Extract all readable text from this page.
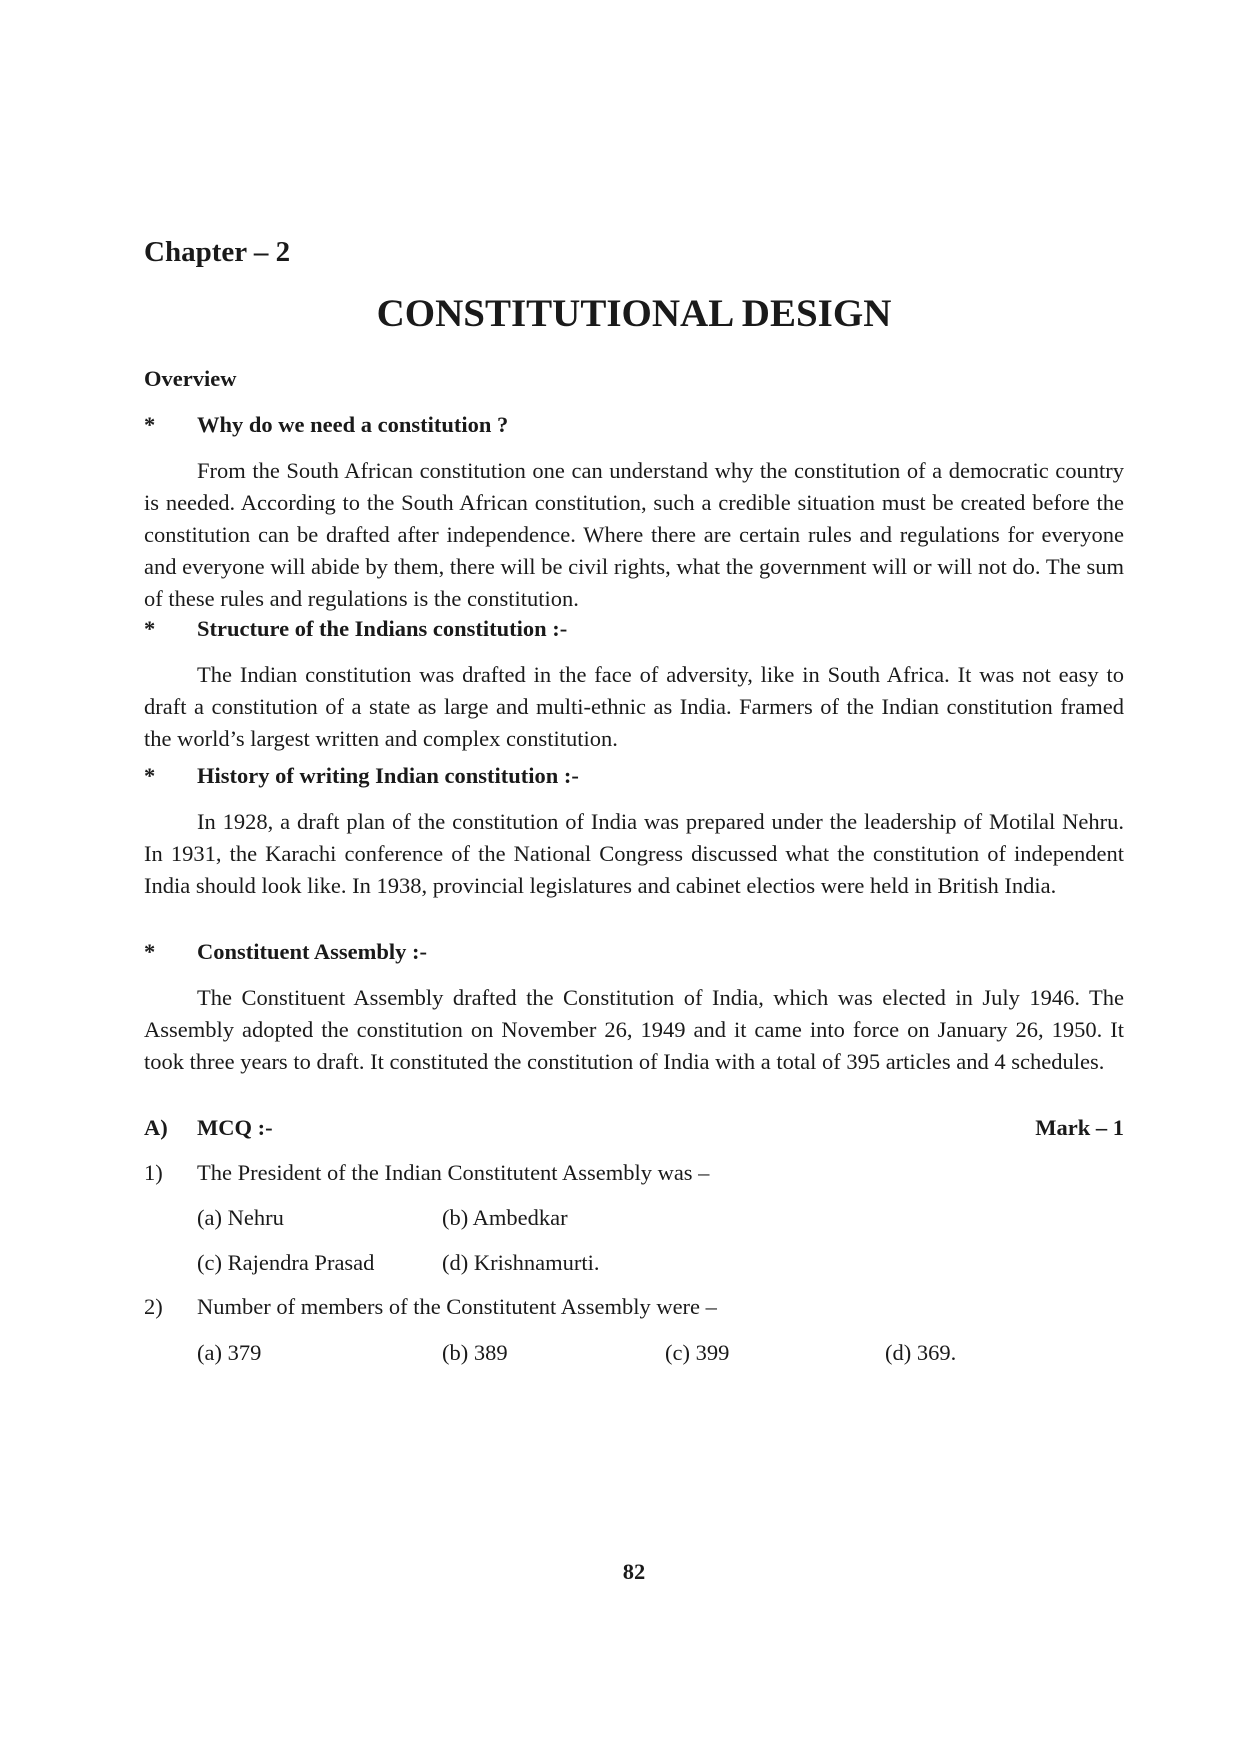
Chapter – 2
CONSTITUTIONAL DESIGN
Overview
* Why do we need a constitution ?
From the South African constitution one can understand why the constitution of a democratic country is needed. According to the South African constitution, such a credible situation must be created before the constitution can be drafted after independence. Where there are certain rules and regulations for everyone and everyone will abide by them, there will be civil rights, what the government will or will not do. The sum of these rules and regulations is the constitution.
* Structure of the Indians constitution :-
The Indian constitution was drafted in the face of adversity, like in South Africa. It was not easy to draft a constitution of a state as large and multi-ethnic as India. Farmers of the Indian constitution framed the world’s largest written and complex constitution.
* History of writing Indian constitution :-
In 1928, a draft plan of the constitution of India was prepared under the leadership of Motilal Nehru. In 1931, the Karachi conference of the National Congress discussed what the constitution of independent India should look like. In 1938, provincial legislatures and cabinet electios were held in British India.
* Constituent Assembly :-
The Constituent Assembly drafted the Constitution of India, which was elected in July 1946. The Assembly adopted the constitution on November 26, 1949 and it came into force on January 26, 1950. It took three years to draft. It constituted the constitution of India with a total of 395 articles and 4 schedules.
A) MCQ :-	Mark – 1
1) The President of the Indian Constitutent Assembly was –
(a) Nehru	(b) Ambedkar
(c) Rajendra Prasad	(d) Krishnamurti.
2) Number of members of the Constitutent Assembly were –
(a) 379	(b) 389	(c) 399	(d) 369.
82
